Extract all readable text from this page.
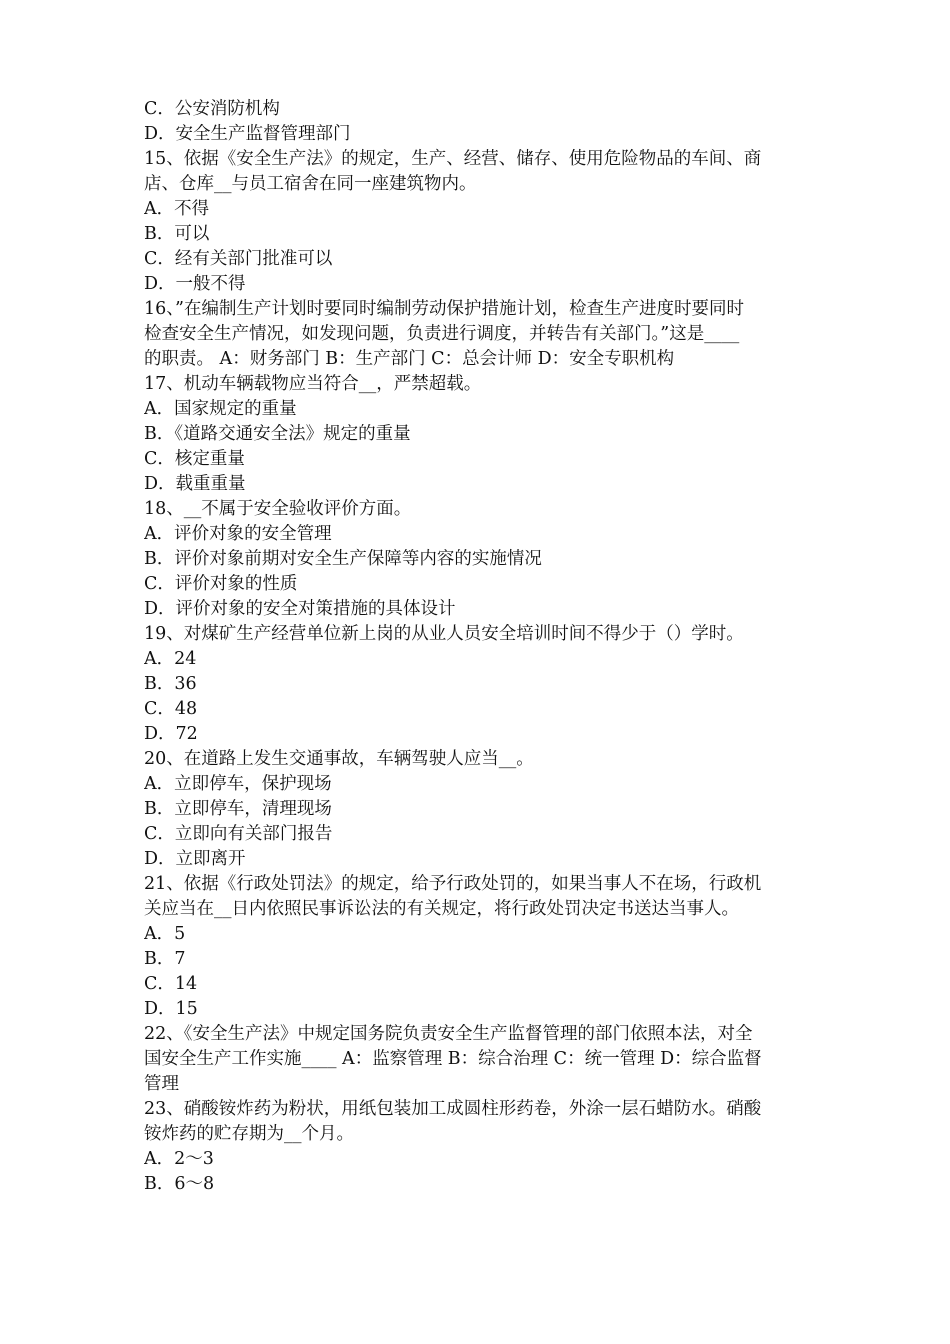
C．公安消防机构
D．安全生产监督管理部门
15、依据《安全生产法》的规定，生产、经营、储存、使用危险物品的车间、商
店、仓库__与员工宿舍在同一座建筑物内。
A．不得
B．可以
C．经有关部门批准可以
D．一般不得
16、”在编制生产计划时要同时编制劳动保护措施计划，检查生产进度时要同时
检查安全生产情况，如发现问题，负责进行调度，并转告有关部门。”这是____
的职责。 A：财务部门 B：生产部门 C：总会计师 D：安全专职机构
17、机动车辆载物应当符合__，严禁超载。
A．国家规定的重量
B．《道路交通安全法》规定的重量
C．核定重量
D．载重重量
18、__不属于安全验收评价方面。
A．评价对象的安全管理
B．评价对象前期对安全生产保障等内容的实施情况
C．评价对象的性质
D．评价对象的安全对策措施的具体设计
19、对煤矿生产经营单位新上岗的从业人员安全培训时间不得少于（）学时。
A．24
B．36
C．48
D．72
20、在道路上发生交通事故，车辆驾驶人应当__。
A．立即停车，保护现场
B．立即停车，清理现场
C．立即向有关部门报告
D．立即离开
21、依据《行政处罚法》的规定，给予行政处罚的，如果当事人不在场，行政机
关应当在__日内依照民事诉讼法的有关规定，将行政处罚决定书送达当事人。
A．5
B．7
C．14
D．15
22、《安全生产法》中规定国务院负责安全生产监督管理的部门依照本法，对全
国安全生产工作实施____ A：监察管理 B：综合治理 C：统一管理 D：综合监督
管理
23、硝酸铵炸药为粉状，用纸包装加工成圆柱形药卷，外涂一层石蜡防水。硝酸
铵炸药的贮存期为__个月。
A．2～3
B．6～8
